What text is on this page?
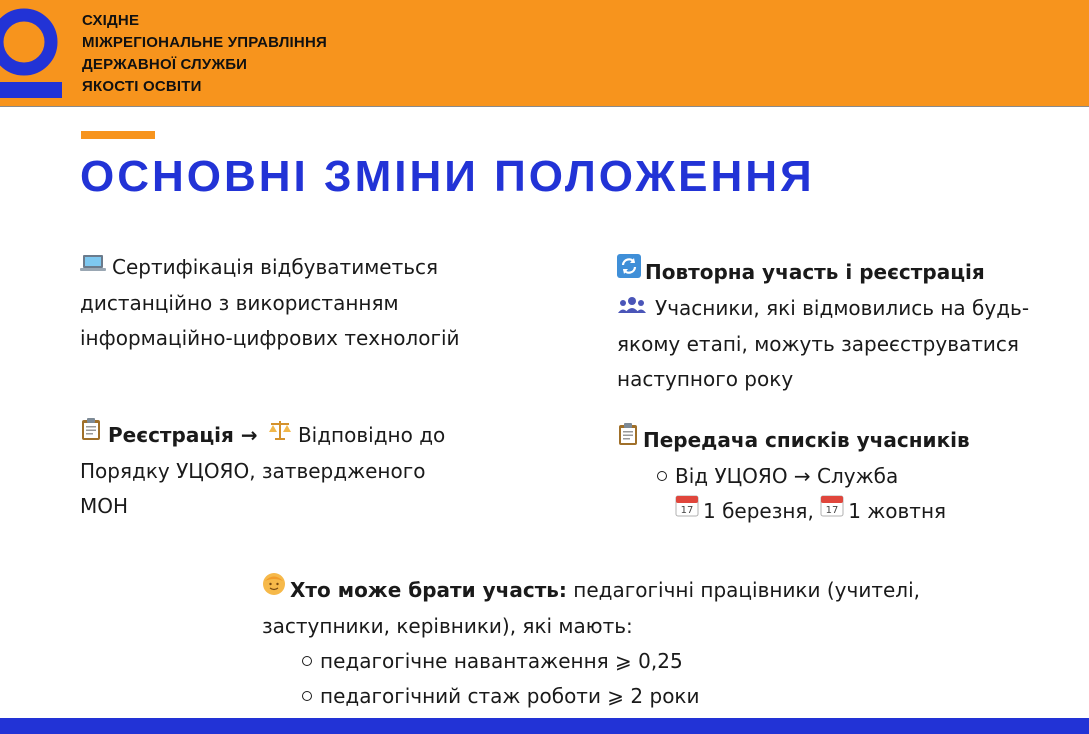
СХІДНЕ
МІЖРЕГІОНАЛЬНЕ УПРАВЛІННЯ
ДЕРЖАВНОЇ СЛУЖБИ
ЯКОСТІ ОСВІТИ
ОСНОВНІ ЗМІНИ ПОЛОЖЕННЯ
Сертифікація відбуватиметься
дистанційно з використанням
інформаційно-цифрових технологій
Реєстрація → Відповідно до
Порядку УЦОЯО, затвердженого
МОН
Повторна участь і реєстрація
Учасники, які відмовились на будь-
якому етапі, можуть зареєструватися
наступного року
Передача списків учасників
Від УЦОЯО → Служба
17 1 березня, 17 1 жовтня
Хто може брати участь: педагогічні працівники (учителі,
заступники, керівники), які мають:
педагогічне навантаження ⩾ 0,25
педагогічний стаж роботи ⩾ 2 роки
